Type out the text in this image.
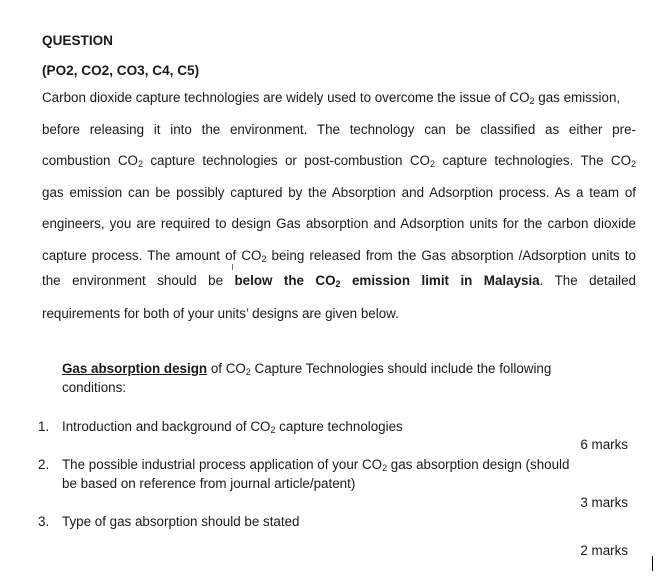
QUESTION
(PO2, CO2, CO3, C4, C5)
Carbon dioxide capture technologies are widely used to overcome the issue of $CO_2$ gas emission,
before releasing it into the environment. The technology can be classified as either pre-
combustion $CO_2$ capture technologies or post-combustion $CO_2$ capture technologies. The $CO_2$
gas emission can be possibly captured by the Absorption and Adsorption process. As a team of
engineers, you are required to design Gas absorption and Adsorption units for the carbon dioxide
capture process. The amount of $CO_2$ being released from the Gas absorption /Adsorption units to
the environment should be below the $CO_2$ emission limit in Malaysia. The detailed
requirements for both of your units’ designs are given below.
Gas absorption design of $CO_2$ Capture Technologies should include the following
conditions:
1. Introduction and background of $CO_2$ capture technologies
6 marks
2. The possible industrial process application of your $CO_2$ gas absorption design (should
be based on reference from journal article/patent)
3 marks
3. Type of gas absorption should be stated
2 marks
